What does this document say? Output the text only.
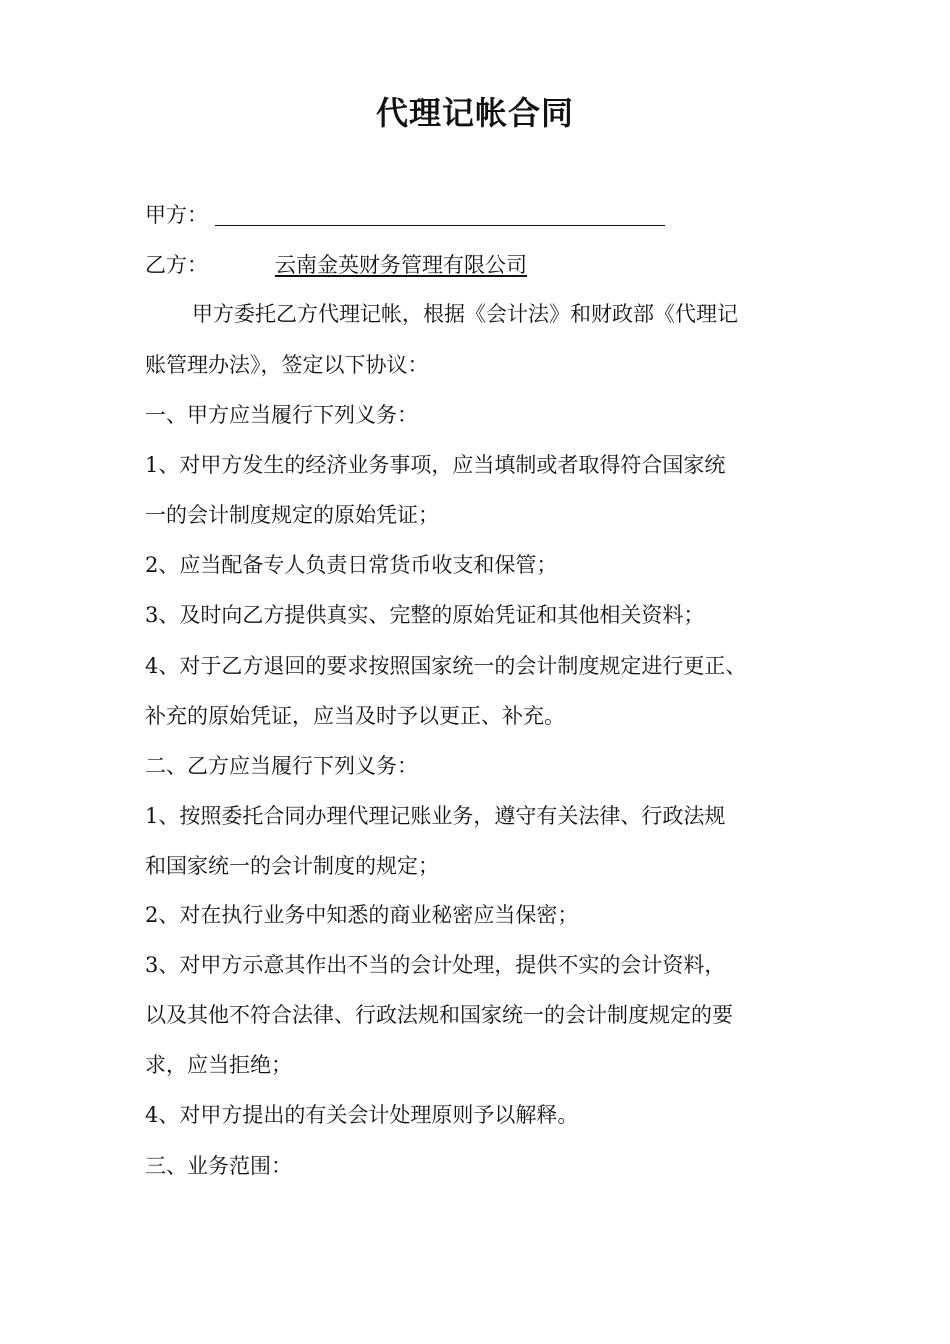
代理记帐合同
甲方：
乙方：	云南金英财务管理有限公司
甲方委托乙方代理记帐，根据《会计法》和财政部《代理记
账管理办法》，签定以下协议：
一、甲方应当履行下列义务：
1、对甲方发生的经济业务事项，应当填制或者取得符合国家统
一的会计制度规定的原始凭证；
2、应当配备专人负责日常货币收支和保管；
3、及时向乙方提供真实、完整的原始凭证和其他相关资料；
4、对于乙方退回的要求按照国家统一的会计制度规定进行更正、
补充的原始凭证，应当及时予以更正、补充。
二、乙方应当履行下列义务：
1、按照委托合同办理代理记账业务，遵守有关法律、行政法规
和国家统一的会计制度的规定；
2、对在执行业务中知悉的商业秘密应当保密；
3、对甲方示意其作出不当的会计处理，提供不实的会计资料，
以及其他不符合法律、行政法规和国家统一的会计制度规定的要
求，应当拒绝；
4、对甲方提出的有关会计处理原则予以解释。
三、业务范围：
